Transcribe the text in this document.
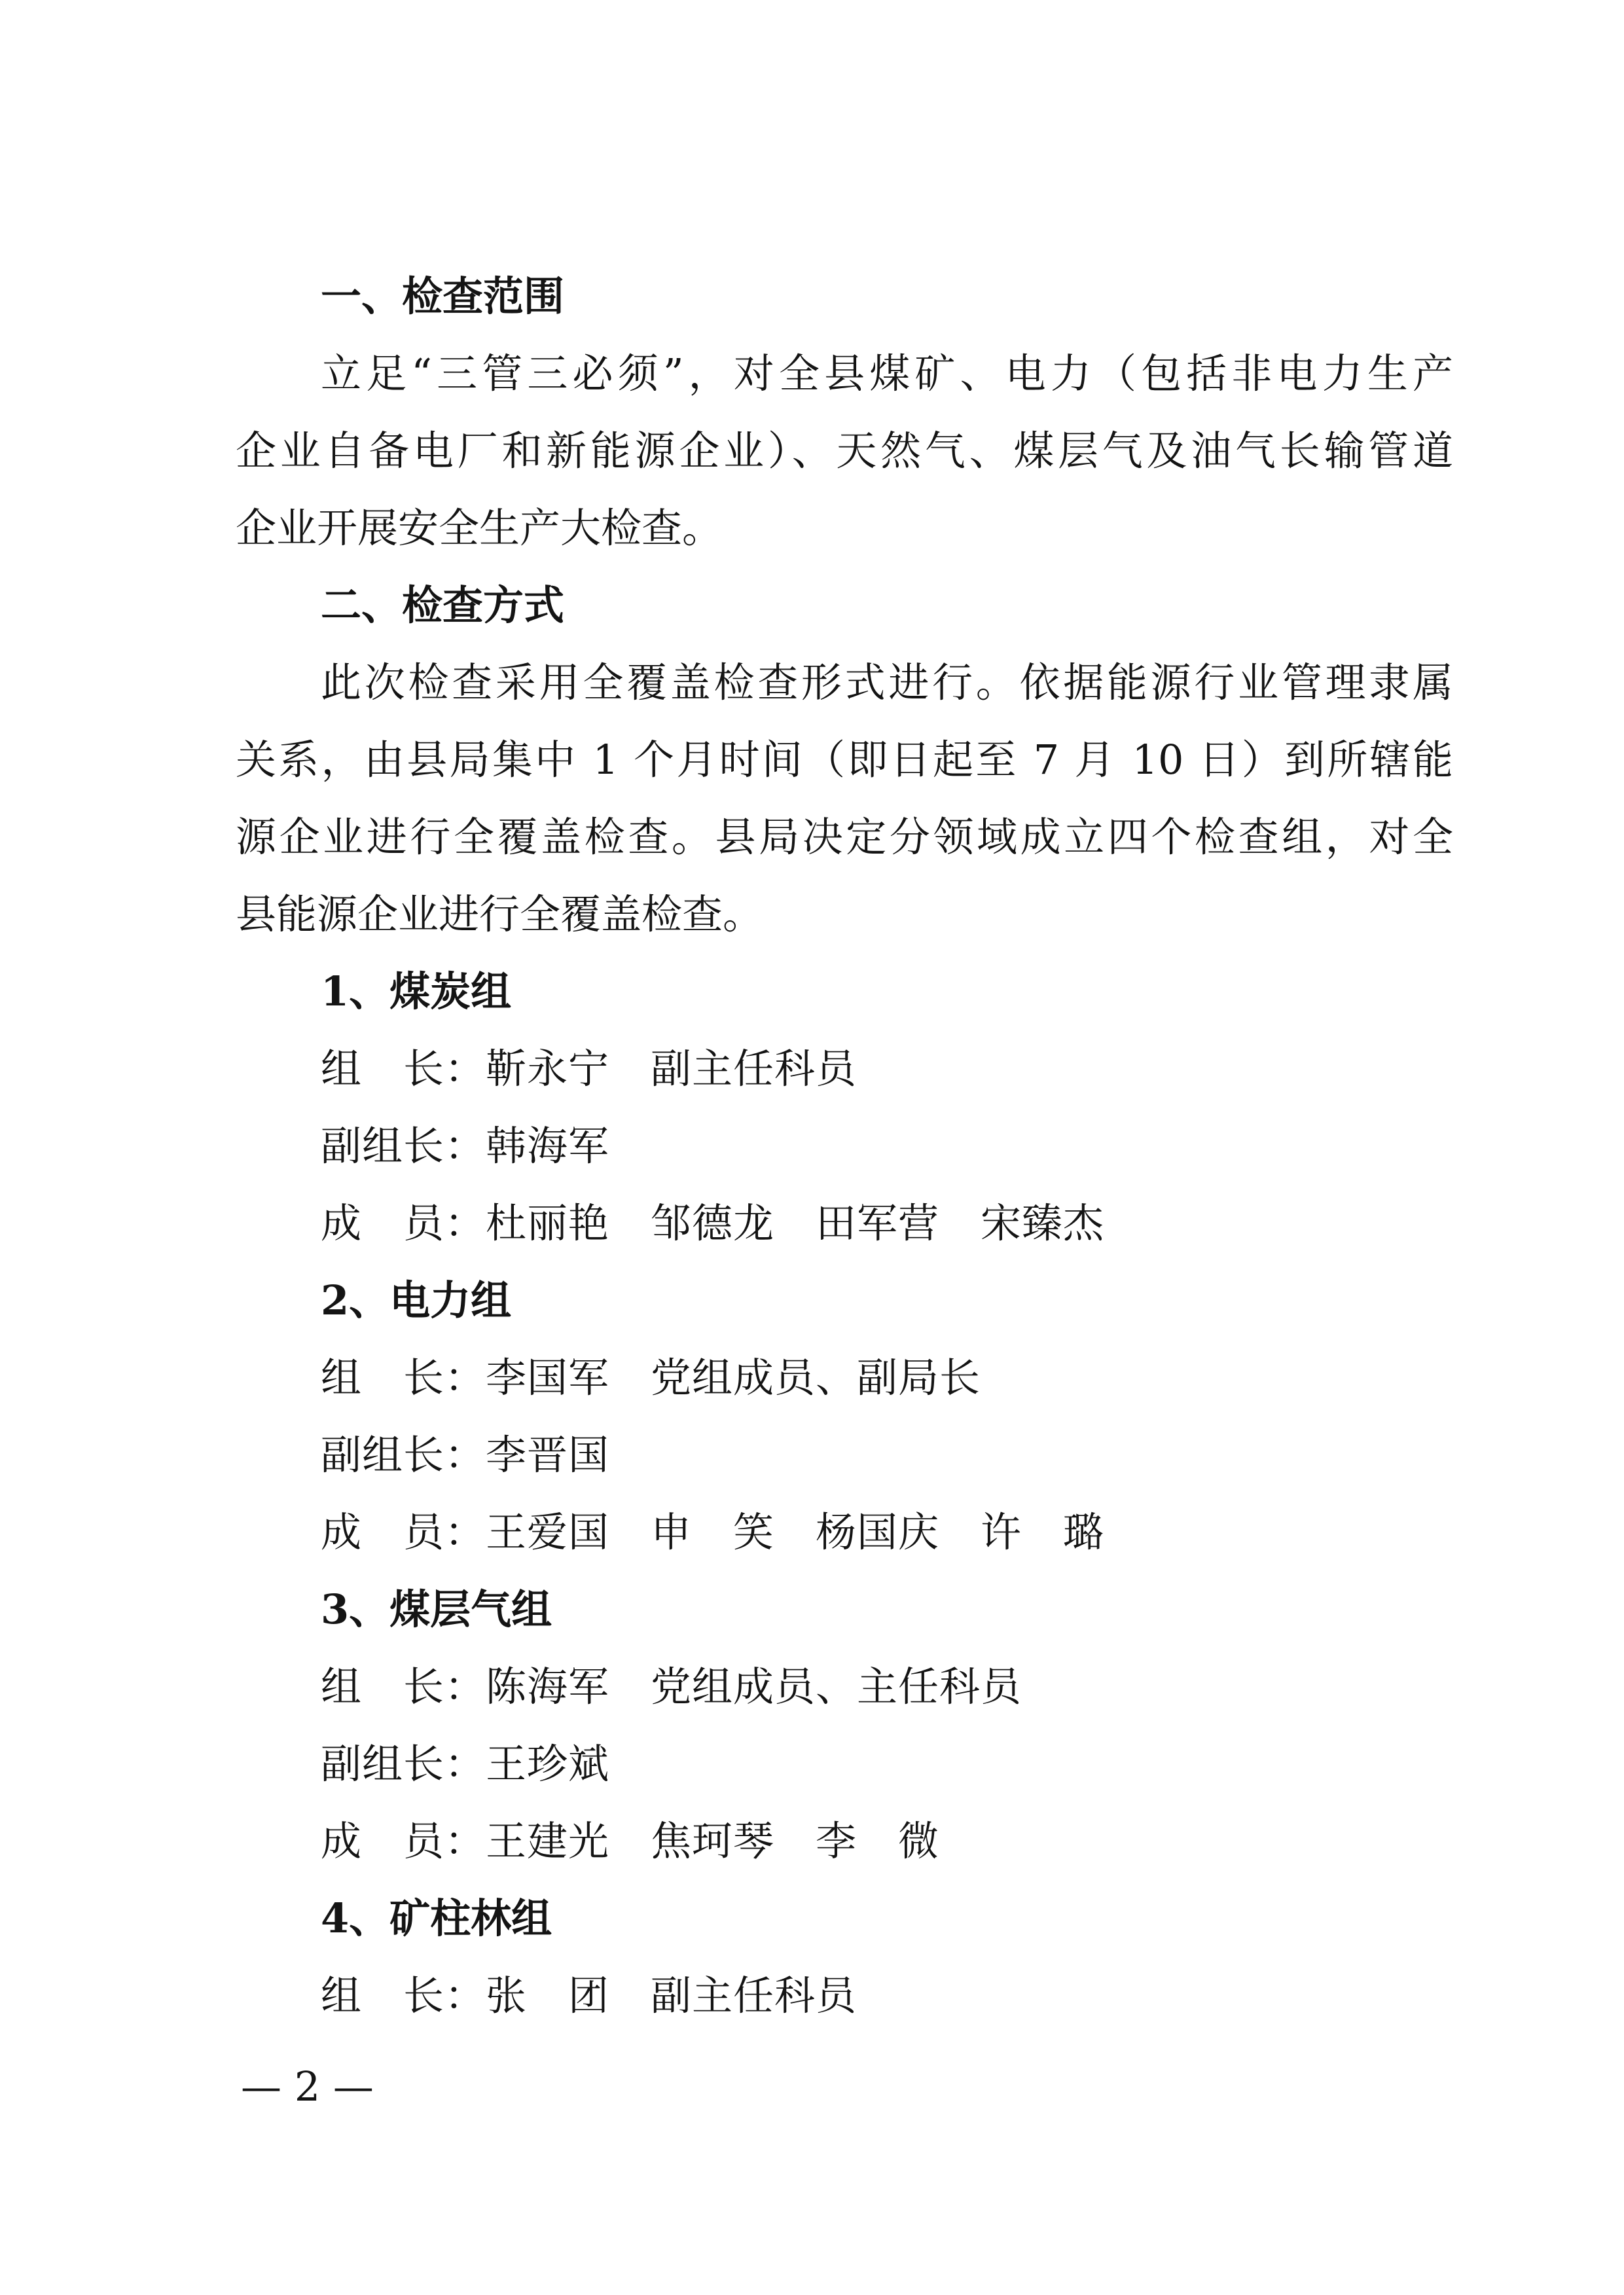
一、检查范围
立足“三管三必须”，对全县煤矿、电力（包括非电力生产
企业自备电厂和新能源企业）、天然气、煤层气及油气长输管道
企业开展安全生产大检查。
二、检查方式
此次检查采用全覆盖检查形式进行。依据能源行业管理隶属
关系，由县局集中 1 个月时间（即日起至 7 月 10 日）到所辖能
源企业进行全覆盖检查。县局决定分领域成立四个检查组，对全
县能源企业进行全覆盖检查。
1、煤炭组
组　长：靳永宁　副主任科员
副组长：韩海军
成　员：杜丽艳　邹德龙　田军营　宋臻杰
2、电力组
组　长：李国军　党组成员、副局长
副组长：李晋国
成　员：王爱国　申　笑　杨国庆　许　璐
3、煤层气组
组　长：陈海军　党组成员、主任科员
副组长：王珍斌
成　员：王建光　焦珂琴　李　微
4、矿柱林组
组　长：张　团　副主任科员
— 2 —
